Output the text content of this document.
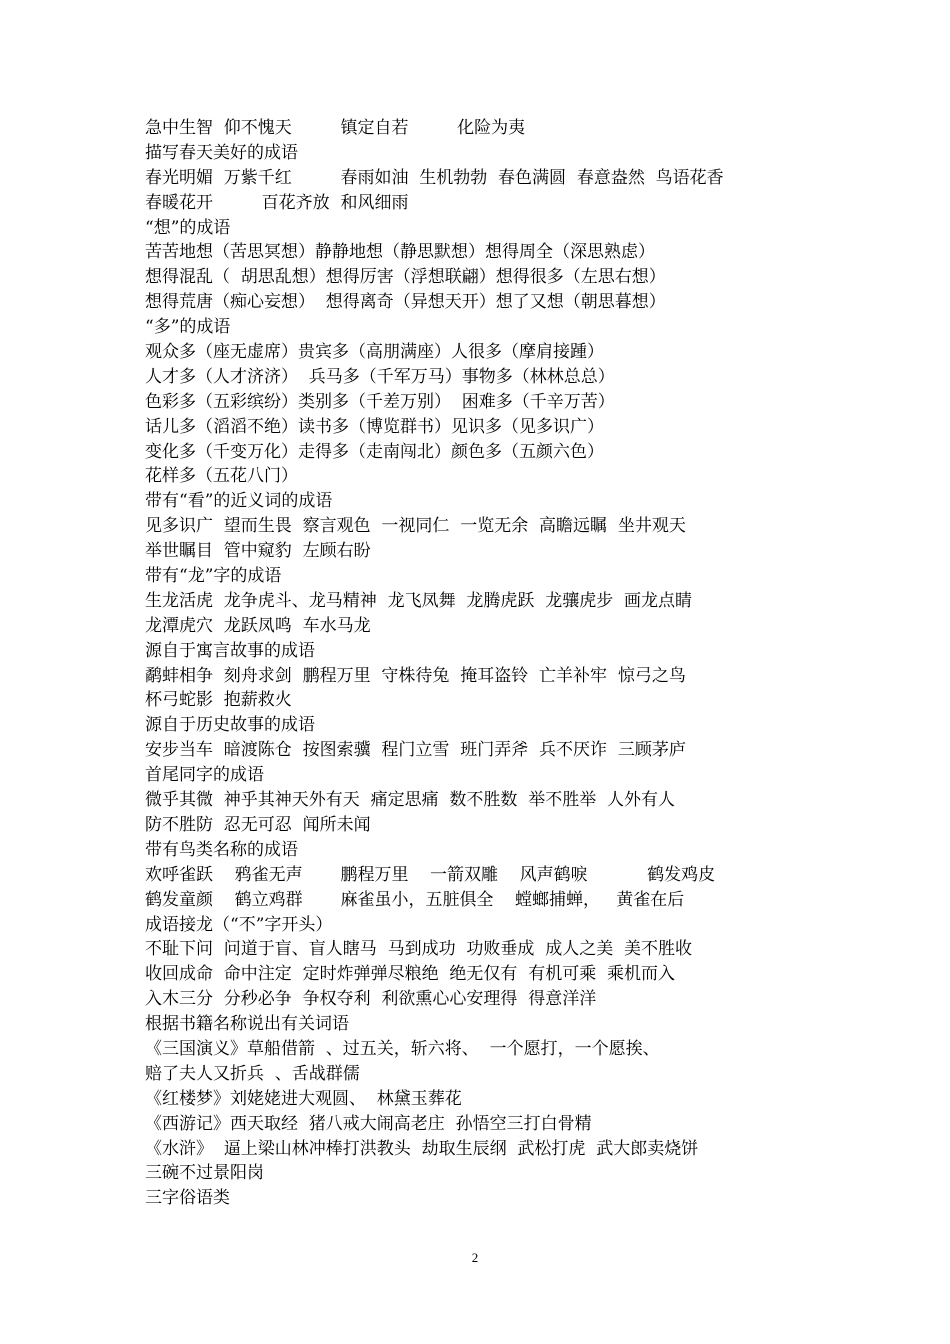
急中生智  仰不愧天         镇定自若         化险为夷
描写春天美好的成语
春光明媚  万紫千红         春雨如油  生机勃勃  春色满圆  春意盎然  鸟语花香
春暖花开         百花齐放  和风细雨
“想”的成语
苦苦地想（苦思冥想）静静地想（静思默想）想得周全（深思熟虑）
想得混乱（  胡思乱想）想得厉害（浮想联翩）想得很多（左思右想）
想得荒唐（痴心妄想）  想得离奇（异想天开）想了又想（朝思暮想）
“多”的成语
观众多（座无虚席）贵宾多（高朋满座）人很多（摩肩接踵）
人才多（人才济济）  兵马多（千军万马）事物多（林林总总）
色彩多（五彩缤纷）类别多（千差万别）  困难多（千辛万苦）
话儿多（滔滔不绝）读书多（博览群书）见识多（见多识广）
变化多（千变万化）走得多（走南闯北）颜色多（五颜六色）
花样多（五花八门）
带有“看”的近义词的成语
见多识广  望而生畏  察言观色  一视同仁  一览无余  高瞻远瞩  坐井观天
举世瞩目  管中窥豹  左顾右盼
带有“龙”字的成语
生龙活虎  龙争虎斗、龙马精神  龙飞凤舞  龙腾虎跃  龙骧虎步  画龙点睛
龙潭虎穴  龙跃凤鸣  车水马龙
源自于寓言故事的成语
鹬蚌相争  刻舟求剑  鹏程万里  守株待兔  掩耳盗铃  亡羊补牢  惊弓之鸟
杯弓蛇影  抱薪救火
源自于历史故事的成语
安步当车  暗渡陈仓  按图索骥  程门立雪  班门弄斧  兵不厌诈  三顾茅庐
首尾同字的成语
微乎其微  神乎其神天外有天  痛定思痛  数不胜数  举不胜举  人外有人
防不胜防  忍无可忍  闻所未闻
带有鸟类名称的成语
欢呼雀跃    鸦雀无声       鹏程万里    一箭双雕    风声鹤唳           鹤发鸡皮
鹤发童颜    鹤立鸡群       麻雀虽小，五脏俱全    螳螂捕蝉，   黄雀在后
成语接龙（“不”字开头）
不耻下问  问道于盲、盲人瞎马  马到成功  功败垂成  成人之美  美不胜收
收回成命  命中注定  定时炸弹弹尽粮绝  绝无仅有  有机可乘  乘机而入
入木三分  分秒必争  争权夺利  利欲熏心心安理得  得意洋洋
根据书籍名称说出有关词语
《三国演义》草船借箭  、过五关，斩六将、  一个愿打，一个愿挨、
赔了夫人又折兵  、舌战群儒
《红楼梦》刘姥姥进大观圆、  林黛玉葬花
《西游记》西天取经  猪八戒大闹高老庄  孙悟空三打白骨精
《水浒》  逼上梁山林冲棒打洪教头  劫取生辰纲  武松打虎  武大郎卖烧饼
三碗不过景阳岗
三字俗语类
2
